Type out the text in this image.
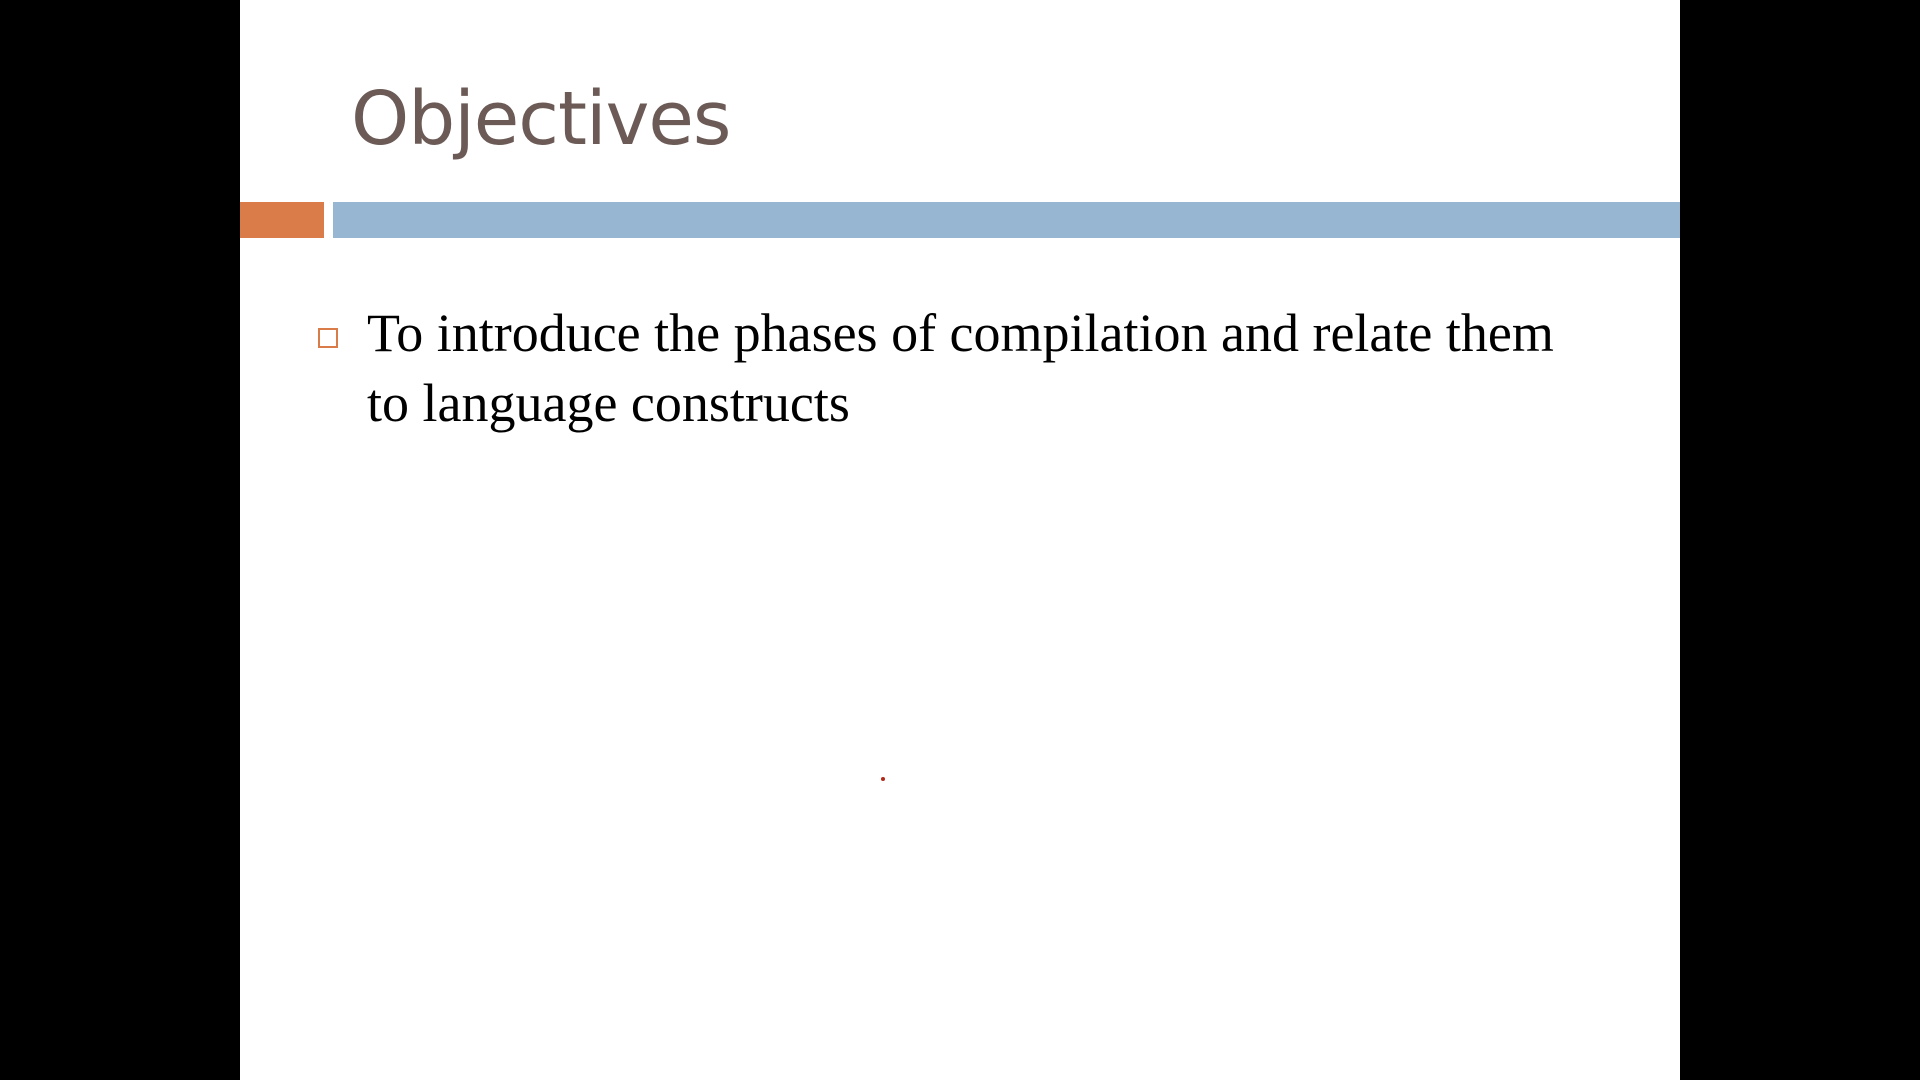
Objectives
To introduce the phases of compilation and relate them to language constructs
